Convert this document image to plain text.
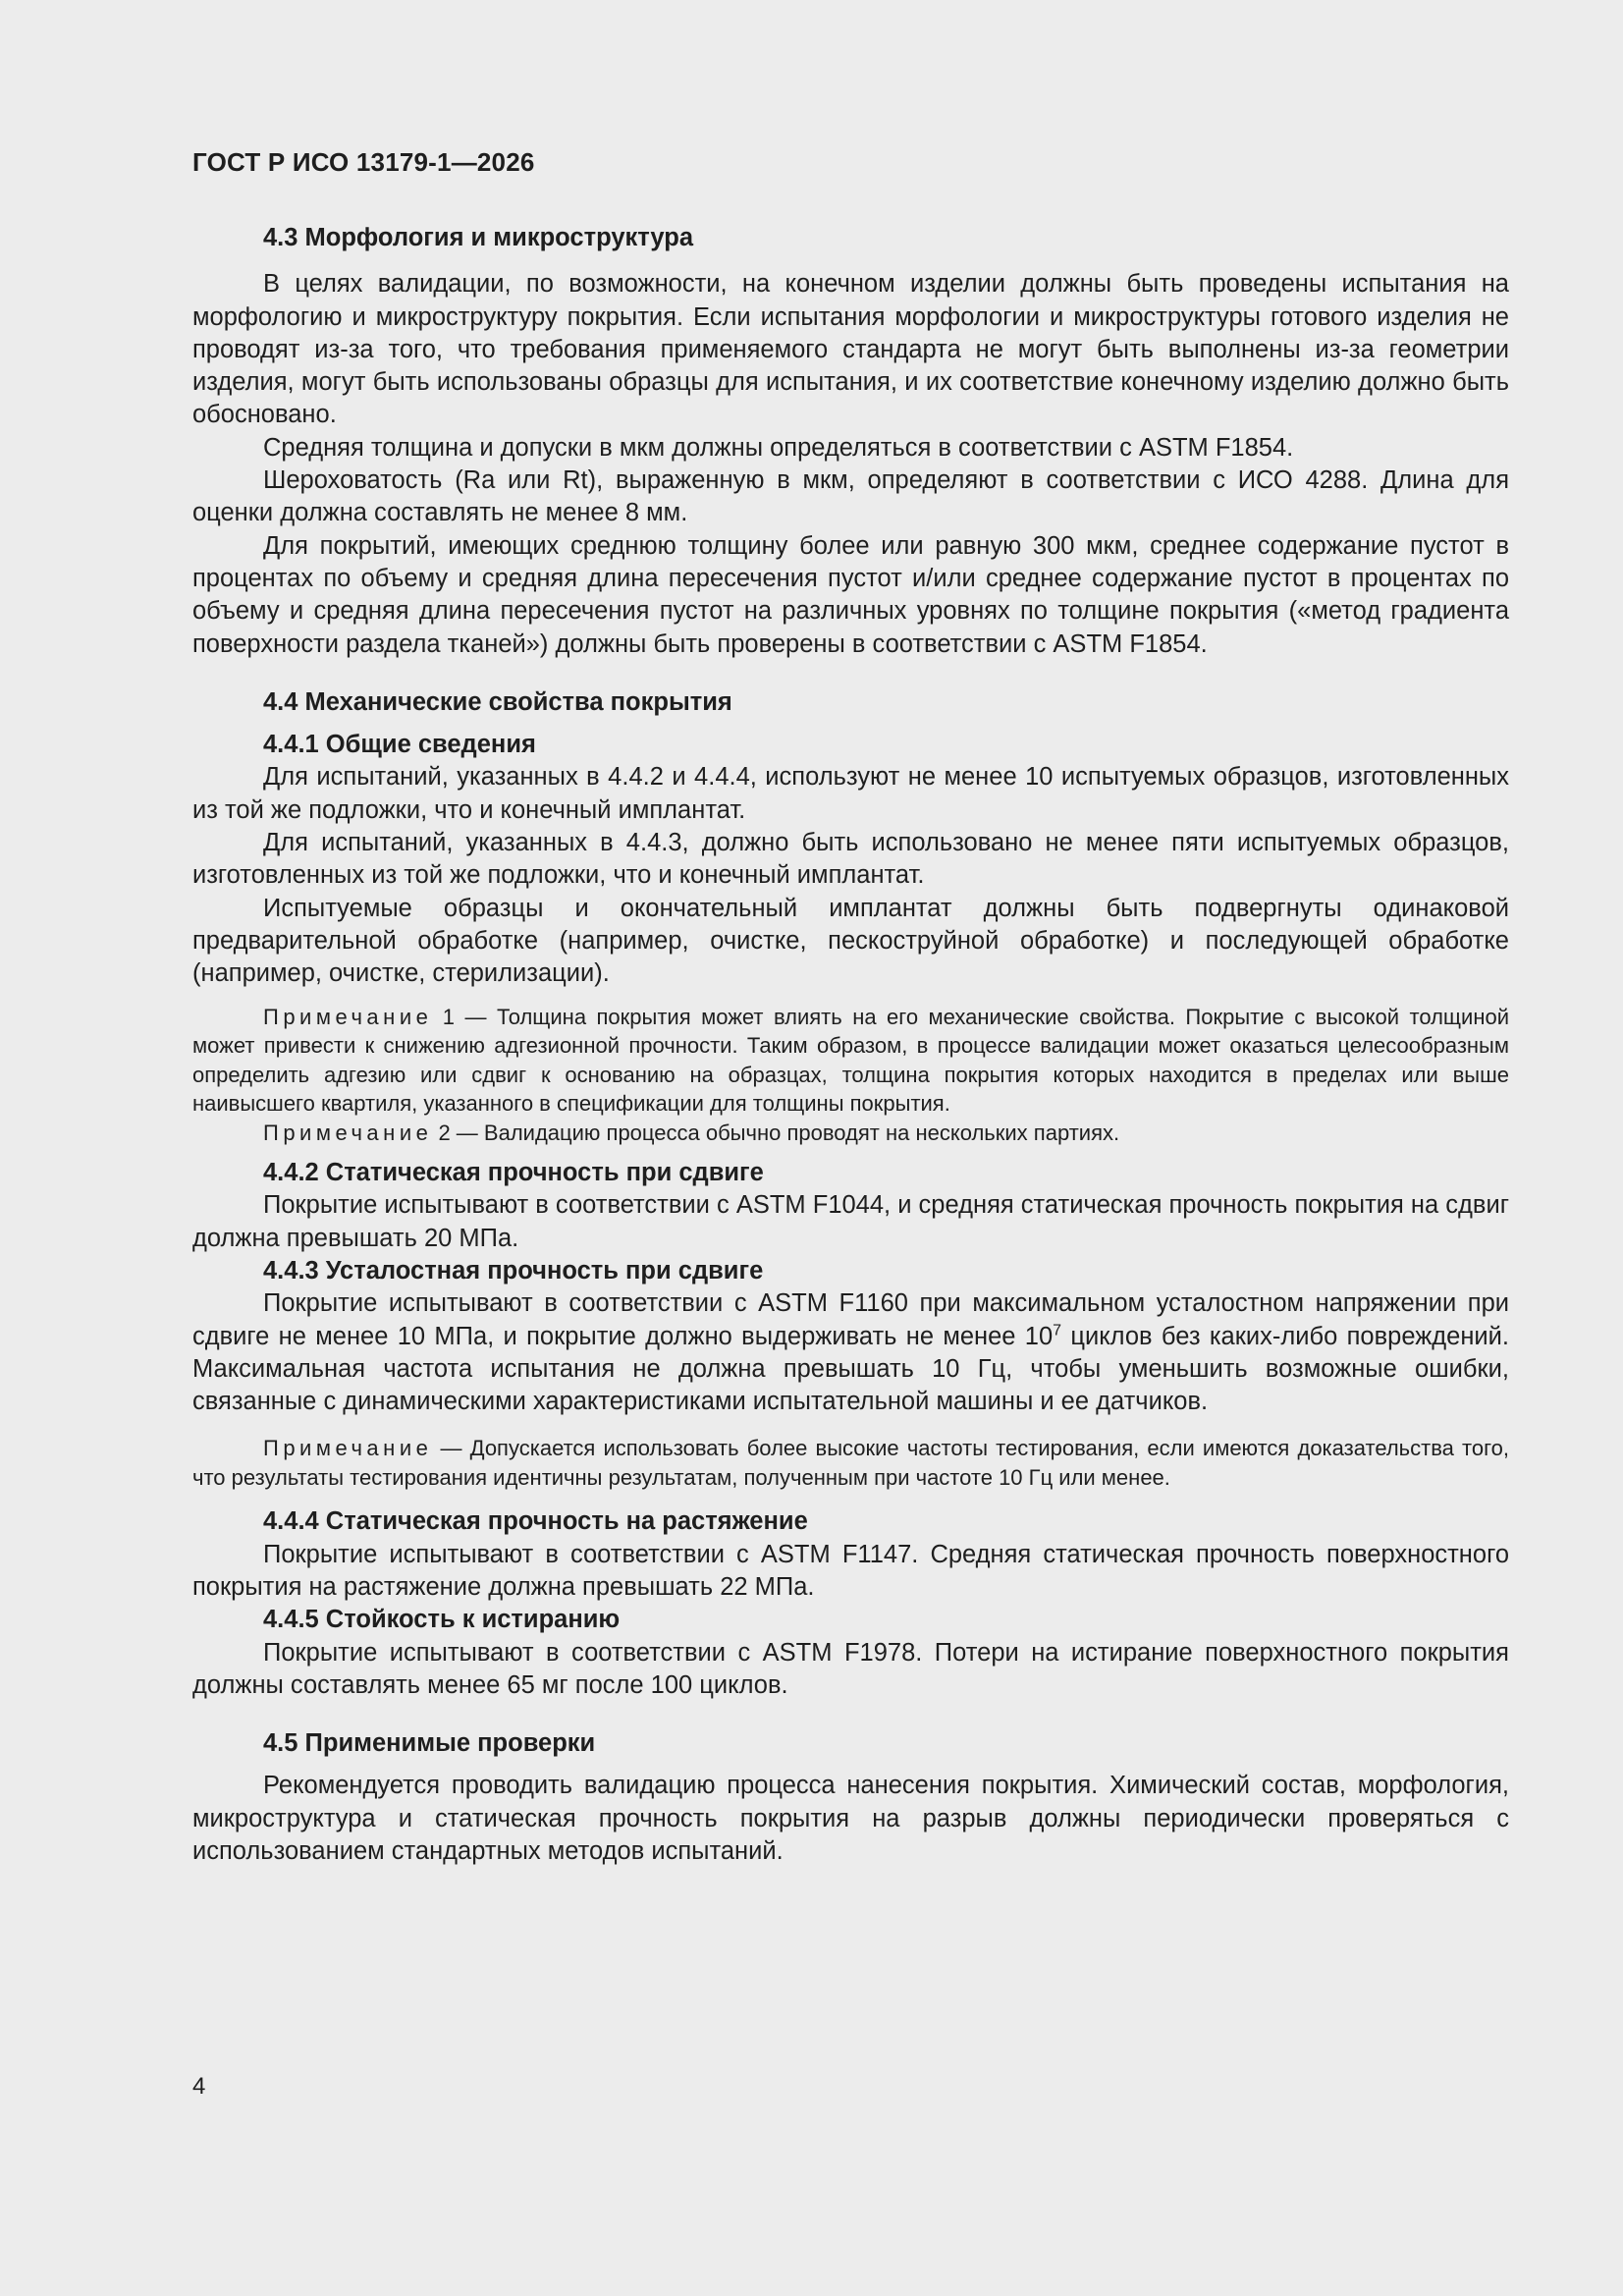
ГОСТ Р ИСО 13179-1—2026
4.3 Морфология и микроструктура

В целях валидации, по возможности, на конечном изделии должны быть проведены испытания на морфологию и микроструктуру покрытия. Если испытания морфологии и микроструктуры готового изделия не проводят из-за того, что требования применяемого стандарта не могут быть выполнены из-за геометрии изделия, могут быть использованы образцы для испытания, и их соответствие конечному изделию должно быть обосновано.

Средняя толщина и допуски в мкм должны определяться в соответствии с ASTM F1854.

Шероховатость (Ra или Rt), выраженную в мкм, определяют в соответствии с ИСО 4288. Длина для оценки должна составлять не менее 8 мм.

Для покрытий, имеющих среднюю толщину более или равную 300 мкм, среднее содержание пустот в процентах по объему и средняя длина пересечения пустот и/или среднее содержание пустот в процентах по объему и средняя длина пересечения пустот на различных уровнях по толщине покрытия («метод градиента поверхности раздела тканей») должны быть проверены в соответствии с ASTM F1854.

4.4 Механические свойства покрытия
4.4.1 Общие сведения

Для испытаний, указанных в 4.4.2 и 4.4.4, используют не менее 10 испытуемых образцов, изготовленных из той же подложки, что и конечный имплантат.

Для испытаний, указанных в 4.4.3, должно быть использовано не менее пяти испытуемых образцов, изготовленных из той же подложки, что и конечный имплантат.

Испытуемые образцы и окончательный имплантат должны быть подвергнуты одинаковой предварительной обработке (например, очистке, пескоструйной обработке) и последующей обработке (например, очистке, стерилизации).

Примечание 1 — Толщина покрытия может влиять на его механические свойства. Покрытие с высокой толщиной может привести к снижению адгезионной прочности. Таким образом, в процессе валидации может оказаться целесообразным определить адгезию или сдвиг к основанию на образцах, толщина покрытия которых находится в пределах или выше наивысшего квартиля, указанного в спецификации для толщины покрытия.

Примечание 2 — Валидацию процесса обычно проводят на нескольких партиях.

4.4.2 Статическая прочность при сдвиге

Покрытие испытывают в соответствии с ASTM F1044, и средняя статическая прочность покрытия на сдвиг должна превышать 20 МПа.

4.4.3 Усталостная прочность при сдвиге

Покрытие испытывают в соответствии с ASTM F1160 при максимальном усталостном напряжении при сдвиге не менее 10 МПа, и покрытие должно выдерживать не менее $10^7$ циклов без каких-либо повреждений. Максимальная частота испытания не должна превышать 10 Гц, чтобы уменьшить возможные ошибки, связанные с динамическими характеристиками испытательной машины и ее датчиков.

Примечание — Допускается использовать более высокие частоты тестирования, если имеются доказательства того, что результаты тестирования идентичны результатам, полученным при частоте 10 Гц или менее.

4.4.4 Статическая прочность на растяжение

Покрытие испытывают в соответствии с ASTM F1147. Средняя статическая прочность поверхностного покрытия на растяжение должна превышать 22 МПа.

4.4.5 Стойкость к истиранию

Покрытие испытывают в соответствии с ASTM F1978. Потери на истирание поверхностного покрытия должны составлять менее 65 мг после 100 циклов.

4.5 Применимые проверки

Рекомендуется проводить валидацию процесса нанесения покрытия. Химический состав, морфология, микроструктура и статическая прочность покрытия на разрыв должны периодически проверяться с использованием стандартных методов испытаний.

4
